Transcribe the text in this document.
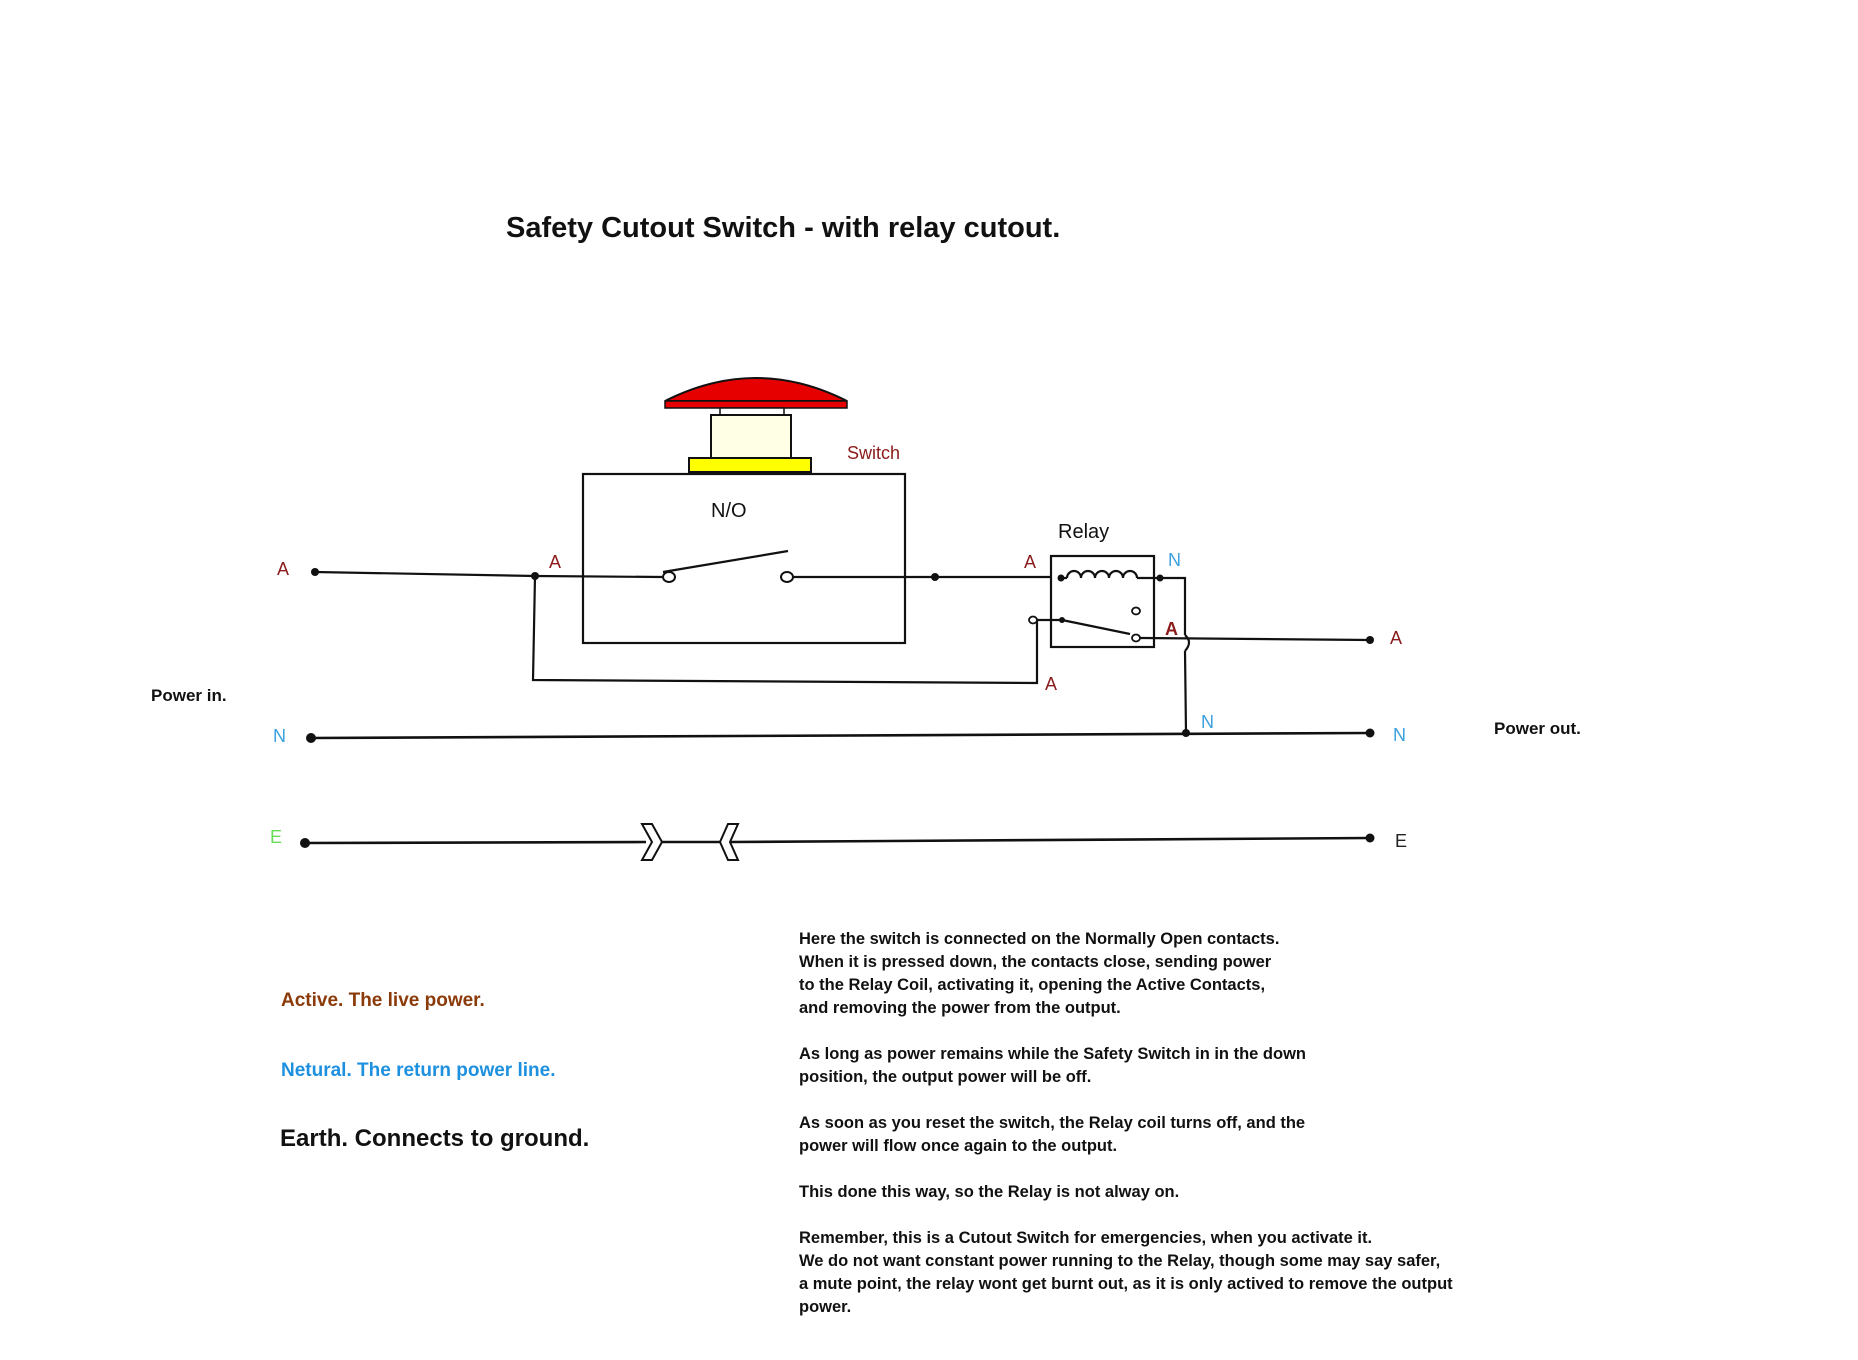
Safety Cutout Switch - with relay cutout.
Switch
N/O
A	A	A
A
Relay
A
N
A
N
N
N
E	E
Power in.
Power out.
Active. The live power.
Netural. The return power line.
Earth. Connects to ground.

Here the switch is connected on the Normally Open contacts.
When it is pressed down, the contacts close, sending power
to the Relay Coil, activating it, opening the Active Contacts,
and removing the power from the output.

As long as power remains while the Safety Switch in in the down
position, the output power will be off.

As soon as you reset the switch, the Relay coil turns off, and the
power will flow once again to the output.

This done this way, so the Relay is not alway on.

Remember, this is a Cutout Switch for emergencies, when you activate it.
We do not want constant power running to the Relay, though some may say safer,
a mute point, the relay wont get burnt out, as it is only actived to remove the output
power.
